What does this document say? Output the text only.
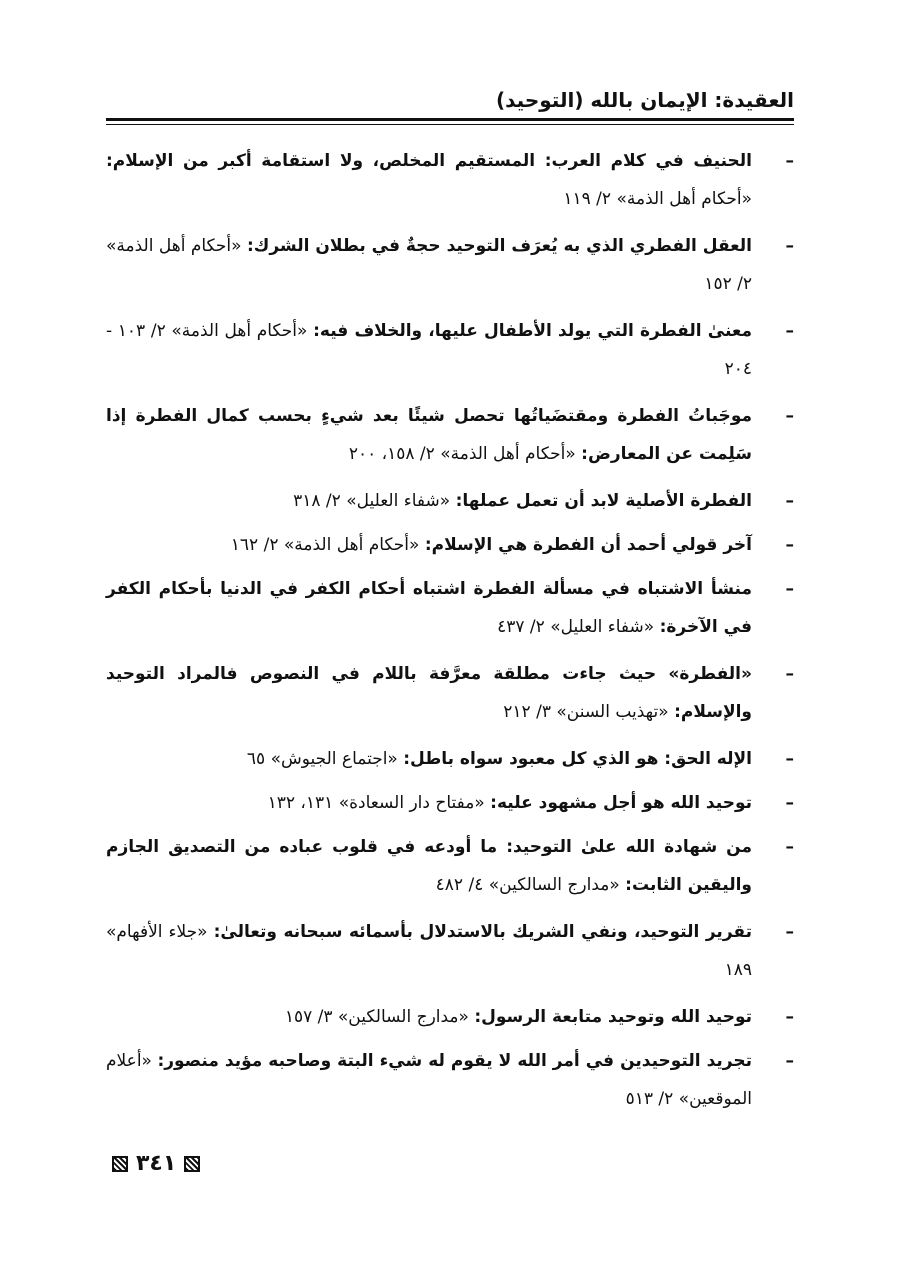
العقيدة: الإيمان بالله (التوحيد)
–
الحنيف في كلام العرب: المستقيم المخلص، ولا استقامة أكبر من الإسلام: «أحكام أهل الذمة» ٢/ ١١٩
–
العقل الفطري الذي به يُعرَف التوحيد حجةٌ في بطلان الشرك: «أحكام أهل الذمة» ٢/ ١٥٢
–
معنىٰ الفطرة التي يولد الأطفال عليها، والخلاف فيه: «أحكام أهل الذمة» ٢/ ١٠٣ - ٢٠٤
–
موجَباتُ الفطرة ومقتضَياتُها تحصل شيئًا بعد شيءٍ بحسب كمال الفطرة إذا سَلِمت عن المعارض: «أحكام أهل الذمة» ٢/ ١٥٨، ٢٠٠
–
الفطرة الأصلية لابد أن تعمل عملها: «شفاء العليل» ٢/ ٣١٨
–
آخر قولي أحمد أن الفطرة هي الإسلام: «أحكام أهل الذمة» ٢/ ١٦٢
–
منشأ الاشتباه في مسألة الفطرة اشتباه أحكام الكفر في الدنيا بأحكام الكفر في الآخرة: «شفاء العليل» ٢/ ٤٣٧
–
«الفطرة» حيث جاءت مطلقة معرَّفة باللام في النصوص فالمراد التوحيد والإسلام: «تهذيب السنن» ٣/ ٢١٢
–
الإله الحق: هو الذي كل معبود سواه باطل: «اجتماع الجيوش» ٦٥
–
توحيد الله هو أجل مشهود عليه: «مفتاح دار السعادة» ١٣١، ١٣٢
–
من شهادة الله علىٰ التوحيد: ما أودعه في قلوب عباده من التصديق الجازم واليقين الثابت: «مدارج السالكين» ٤/ ٤٨٢
–
تقرير التوحيد، ونفي الشريك بالاستدلال بأسمائه سبحانه وتعالىٰ: «جلاء الأفهام» ١٨٩
–
توحيد الله وتوحيد متابعة الرسول: «مدارج السالكين» ٣/ ١٥٧
–
تجريد التوحيدين في أمر الله لا يقوم له شيء البتة وصاحبه مؤيد منصور: «أعلام الموقعين» ٢/ ٥١٣
٣٤١
